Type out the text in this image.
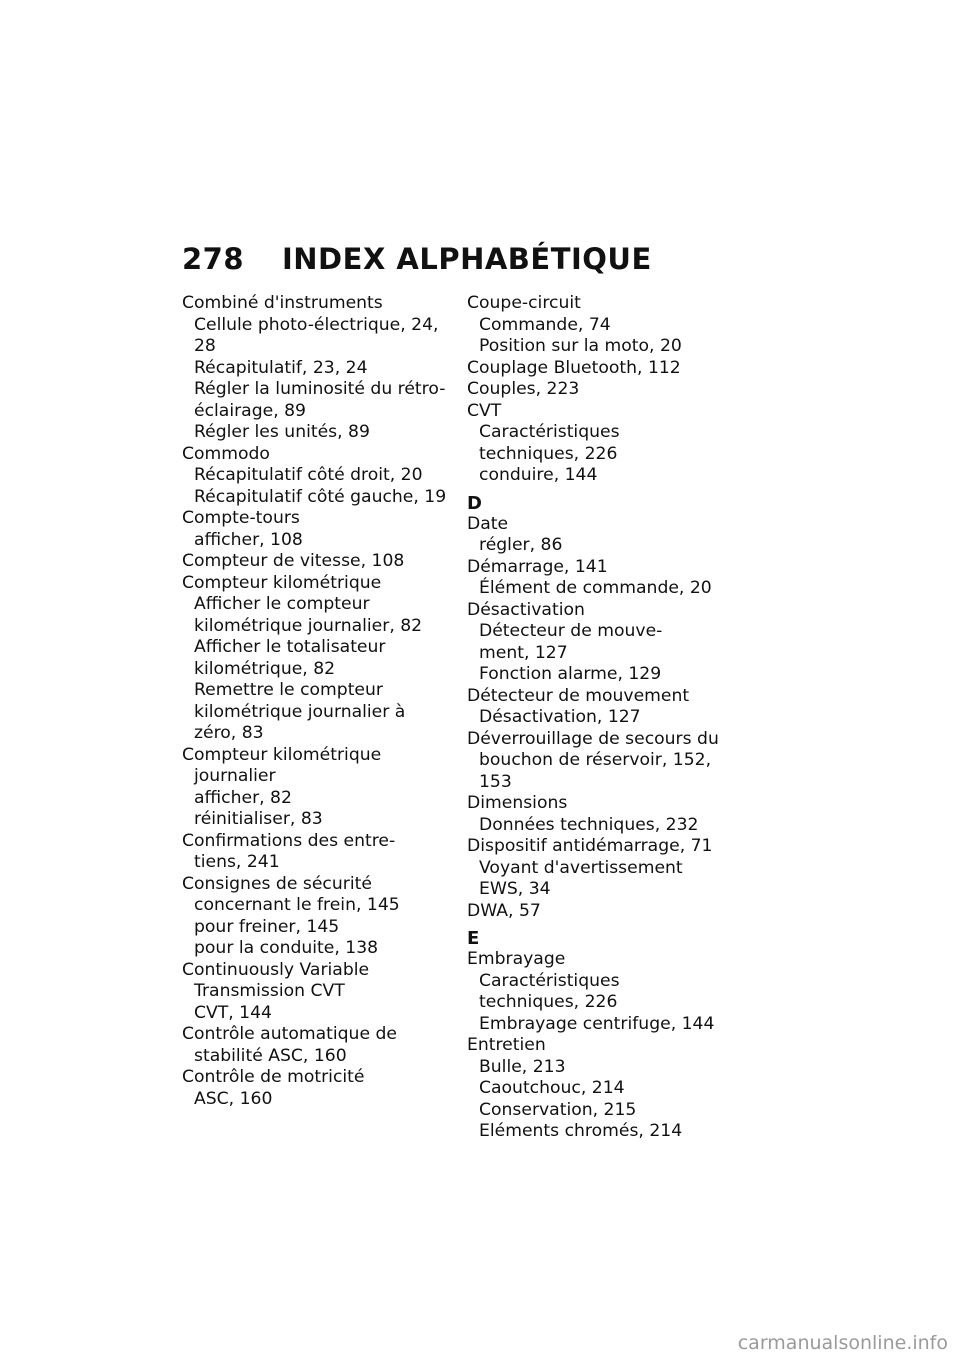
278 INDEX ALPHABÉTIQUE
Combiné d'instruments
Cellule photo-électrique, 24,
28
Récapitulatif, 23, 24
Régler la luminosité du rétro-
éclairage, 89
Régler les unités, 89
Commodo
Récapitulatif côté droit, 20
Récapitulatif côté gauche, 19
Compte-tours
afficher, 108
Compteur de vitesse, 108
Compteur kilométrique
Afficher le compteur
kilométrique journalier, 82
Afficher le totalisateur
kilométrique, 82
Remettre le compteur
kilométrique journalier à
zéro, 83
Compteur kilométrique
journalier
afficher, 82
réinitialiser, 83
Confirmations des entre-
tiens, 241
Consignes de sécurité
concernant le frein, 145
pour freiner, 145
pour la conduite, 138
Continuously Variable
Transmission CVT
CVT, 144
Contrôle automatique de
stabilité ASC, 160
Contrôle de motricité
ASC, 160
Coupe-circuit
Commande, 74
Position sur la moto, 20
Couplage Bluetooth, 112
Couples, 223
CVT
Caractéristiques
techniques, 226
conduire, 144
D
Date
régler, 86
Démarrage, 141
Élément de commande, 20
Désactivation
Détecteur de mouve-
ment, 127
Fonction alarme, 129
Détecteur de mouvement
Désactivation, 127
Déverrouillage de secours du
bouchon de réservoir, 152,
153
Dimensions
Données techniques, 232
Dispositif antidémarrage, 71
Voyant d'avertissement
EWS, 34
DWA, 57
E
Embrayage
Caractéristiques
techniques, 226
Embrayage centrifuge, 144
Entretien
Bulle, 213
Caoutchouc, 214
Conservation, 215
Eléments chromés, 214
carmanualsonline.info
